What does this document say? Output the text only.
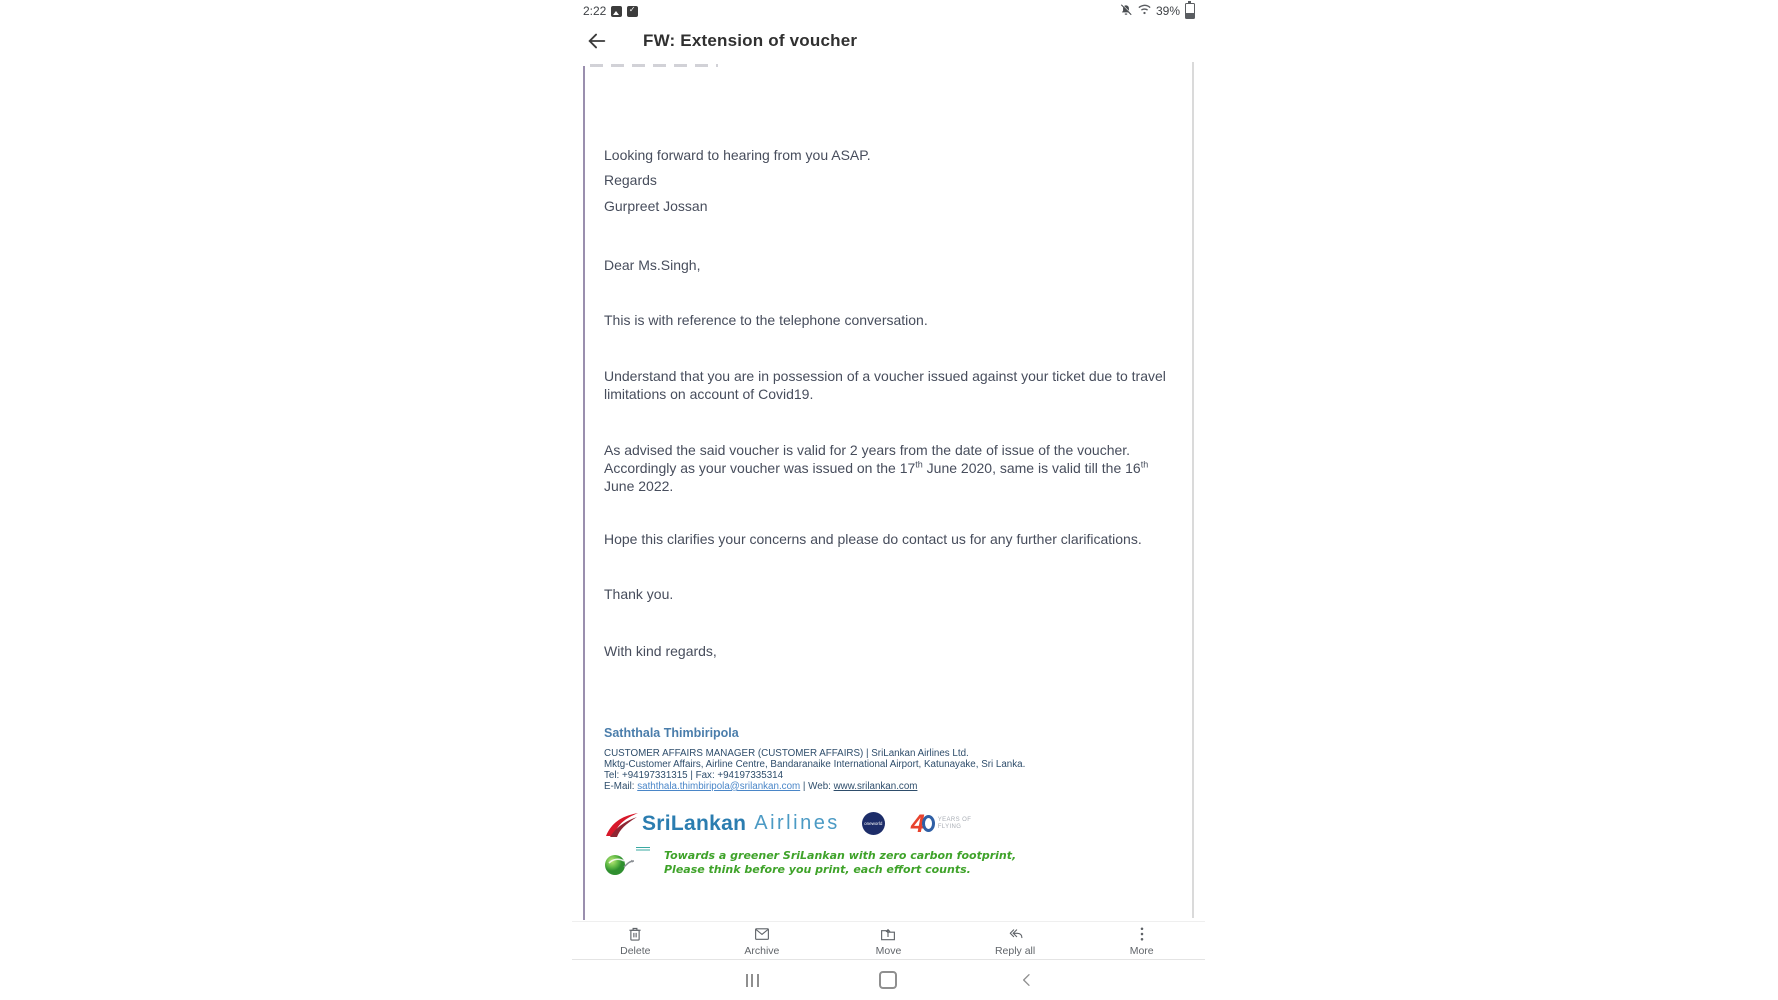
2:22 ✓	39%
FW: Extension of voucher

Looking forward to hearing from you ASAP.

Regards

Gurpreet Jossan

Dear Ms.Singh,

This is with reference to the telephone conversation.

Understand that you are in possession of a voucher issued against your ticket due to travel limitations on account of Covid19.

As advised the said voucher is valid for 2 years from the date of issue of the voucher. Accordingly as your voucher was issued on the 17th June 2020, same is valid till the 16th June 2022.

Hope this clarifies your concerns and please do contact us for any further clarifications.

Thank you.

With kind regards,

Saththala Thimbiripola

CUSTOMER AFFAIRS MANAGER (CUSTOMER AFFAIRS) | SriLankan Airlines Ltd.
Mktg-Customer Affairs, Airline Centre, Bandaranaike International Airport, Katunayake, Sri Lanka.
Tel: +94197331315 | Fax: +94197335314
E-Mail: saththala.thimbiripola@srilankan.com | Web: www.srilankan.com
SriLankan Airlines	oneworld 4 YEARS OF
FLYING
Towards a greener SriLankan with zero carbon footprint,
Please think before you print, each effort counts.

Delete	Archive	Move	Reply all	More
